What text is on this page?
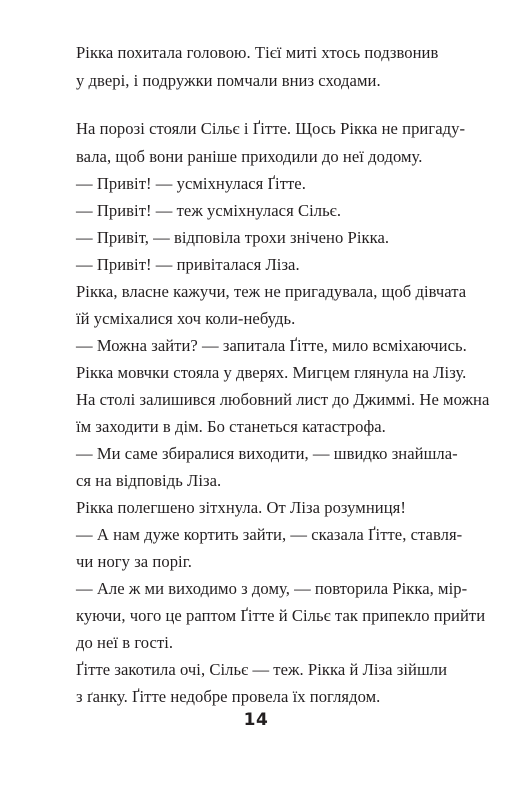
Рікка похитала головою. Тієї миті хтось подзвонив
у двері, і подружки помчали вниз сходами.
На порозі стояли Сільє і Ґітте. Щось Рікка не пригаду-
вала, щоб вони раніше приходили до неї додому.
— Привіт! — усміхнулася Ґітте.
— Привіт! — теж усміхнулася Сільє.
— Привіт, — відповіла трохи знічено Рікка.
— Привіт! — привіталася Ліза.
Рікка, власне кажучи, теж не пригадувала, щоб дівчата
їй усміхалися хоч коли-небудь.
— Можна зайти? — запитала Ґітте, мило всміхаючись.
Рікка мовчки стояла у дверях. Мигцем глянула на Лізу.
На столі залишився любовний лист до Джиммі. Не можна
їм заходити в дім. Бо станеться катастрофа.
— Ми саме збиралися виходити, — швидко знайшла-
ся на відповідь Ліза.
Рікка полегшено зітхнула. От Ліза розумниця!
— А нам дуже кортить зайти, — сказала Ґітте, ставля-
чи ногу за поріг.
— Але ж ми виходимо з дому, — повторила Рікка, мір-
куючи, чого це раптом Ґітте й Сільє так припекло прийти
до неї в гості.
Ґітте закотила очі, Сільє — теж. Рікка й Ліза зійшли
з ґанку. Ґітте недобре провела їх поглядом.
14
